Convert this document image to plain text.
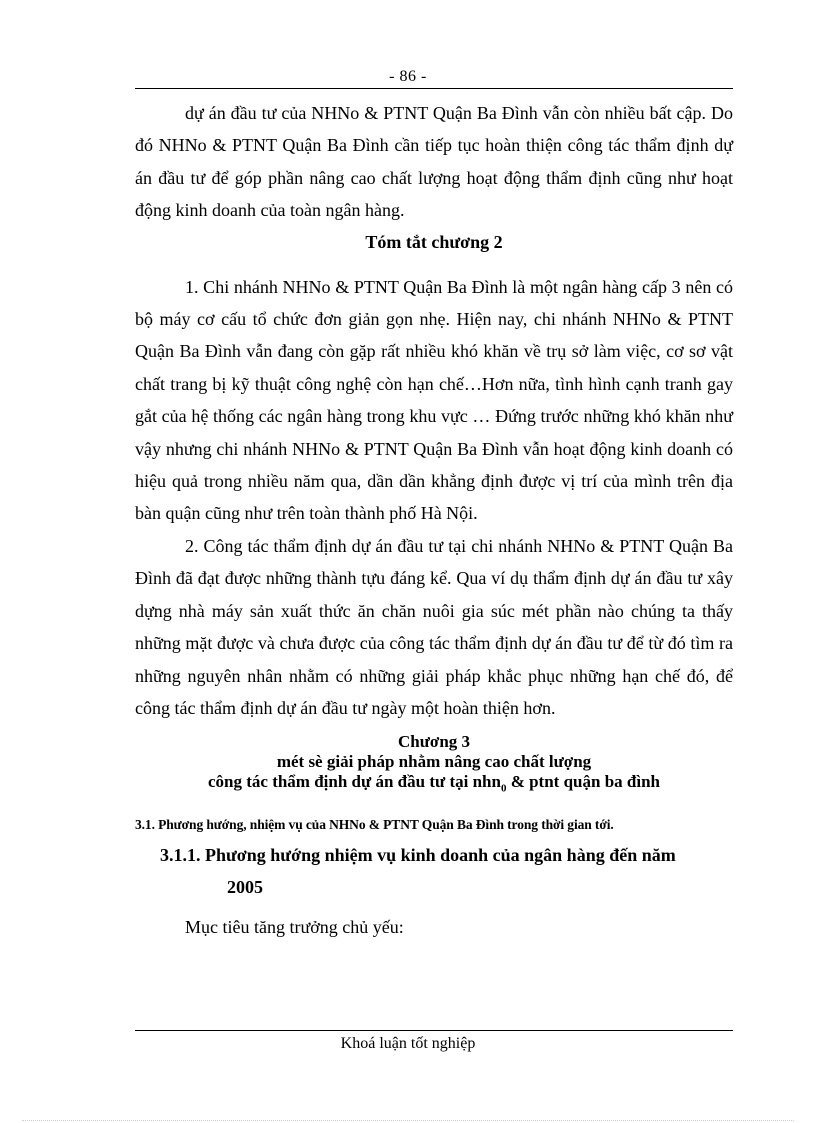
- 86 -

dự án đầu tư của NHNo & PTNT Quận Ba Đình vẫn còn nhiều bất cập. Do đó NHNo & PTNT Quận Ba Đình cần tiếp tục hoàn thiện công tác thẩm định dự án đầu tư để góp phần nâng cao chất lượng hoạt động thẩm định cũng như hoạt động kinh doanh của toàn ngân hàng.

Tóm tắt chương 2

1. Chi nhánh NHNo & PTNT Quận Ba Đình là một ngân hàng cấp 3 nên có bộ máy cơ cấu tổ chức đơn giản gọn nhẹ. Hiện nay, chi nhánh NHNo & PTNT Quận Ba Đình vẫn đang còn gặp rất nhiều khó khăn về trụ sở làm việc, cơ sơ vật chất trang bị kỹ thuật công nghệ còn hạn chế…Hơn nữa, tình hình cạnh tranh gay gắt của hệ thống các ngân hàng trong khu vực … Đứng trước những khó khăn như vậy nhưng chi nhánh NHNo & PTNT Quận Ba Đình vẫn hoạt động kinh doanh có hiệu quả trong nhiều năm qua, dần dần khẳng định được vị trí của mình trên địa bàn quận cũng như trên toàn thành phố Hà Nội.

2. Công tác thẩm định dự án đầu tư tại chi nhánh NHNo & PTNT Quận Ba Đình đã đạt được những thành tựu đáng kể. Qua ví dụ thẩm định dự án đầu tư xây dựng nhà máy sản xuất thức ăn chăn nuôi gia súc mét phần nào chúng ta thấy những mặt được và chưa được của công tác thẩm định dự án đầu tư để từ đó tìm ra những nguyên nhân nhằm có những giải pháp khắc phục những hạn chế đó, để công tác thẩm định dự án đầu tư ngày một hoàn thiện hơn.

Chương 3
mét sè giải pháp nhằm nâng cao chất lượng
công tác thẩm định dự án đầu tư tại nhn$_0$ & ptnt quận ba đình
3.1. Phương hướng, nhiệm vụ của NHNo & PTNT Quận Ba Đình trong thời gian tới.
3.1.1. Phương hướng nhiệm vụ kinh doanh của ngân hàng đến năm
2005
Mục tiêu tăng trưởng chủ yếu:
Khoá luận tốt nghiệp
